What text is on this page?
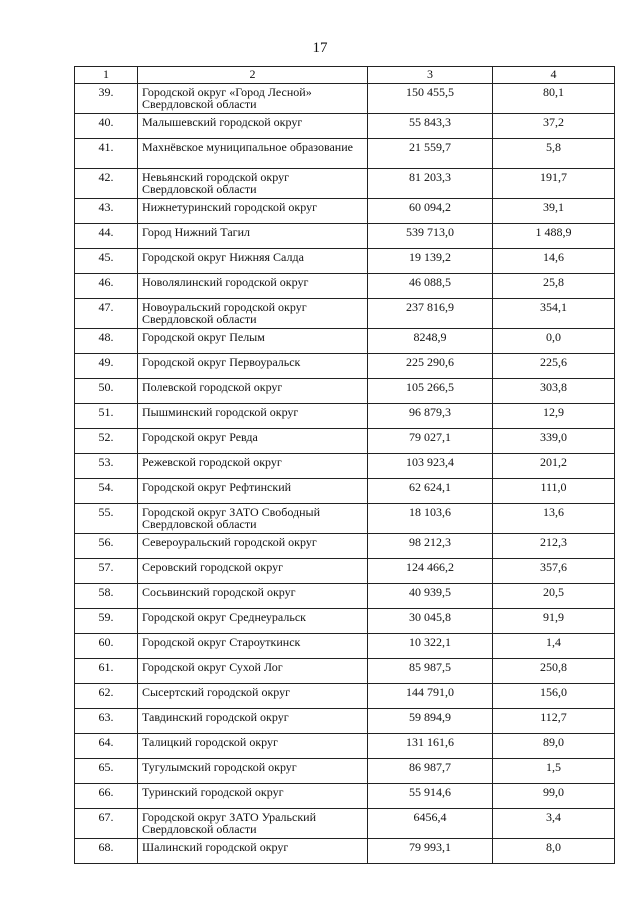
17
1	2	3	4
39.	Городской округ «Город Лесной» Свердловской области	150 455,5	80,1
40.	Малышевский городской округ	55 843,3	37,2
41.	Махнёвское муниципальное образование	21 559,7	5,8
42.	Невьянский городской округ Свердловской области	81 203,3	191,7
43.	Нижнетуринский городской округ	60 094,2	39,1
44.	Город Нижний Тагил	539 713,0	1 488,9
45.	Городской округ Нижняя Салда	19 139,2	14,6
46.	Новолялинский городской округ	46 088,5	25,8
47.	Новоуральский городской округ Свердловской области	237 816,9	354,1
48.	Городской округ Пелым	8248,9	0,0
49.	Городской округ Первоуральск	225 290,6	225,6
50.	Полевской городской округ	105 266,5	303,8
51.	Пышминский городской округ	96 879,3	12,9
52.	Городской округ Ревда	79 027,1	339,0
53.	Режевской городской округ	103 923,4	201,2
54.	Городской округ Рефтинский	62 624,1	111,0
55.	Городской округ ЗАТО Свободный Свердловской области	18 103,6	13,6
56.	Североуральский городской округ	98 212,3	212,3
57.	Серовский городской округ	124 466,2	357,6
58.	Сосьвинский городской округ	40 939,5	20,5
59.	Городской округ Среднеуральск	30 045,8	91,9
60.	Городской округ Староуткинск	10 322,1	1,4
61.	Городской округ Сухой Лог	85 987,5	250,8
62.	Сысертский городской округ	144 791,0	156,0
63.	Тавдинский городской округ	59 894,9	112,7
64.	Талицкий городской округ	131 161,6	89,0
65.	Тугулымский городской округ	86 987,7	1,5
66.	Туринский городской округ	55 914,6	99,0
67.	Городской округ ЗАТО Уральский Свердловской области	6456,4	3,4
68.	Шалинский городской округ	79 993,1	8,0
